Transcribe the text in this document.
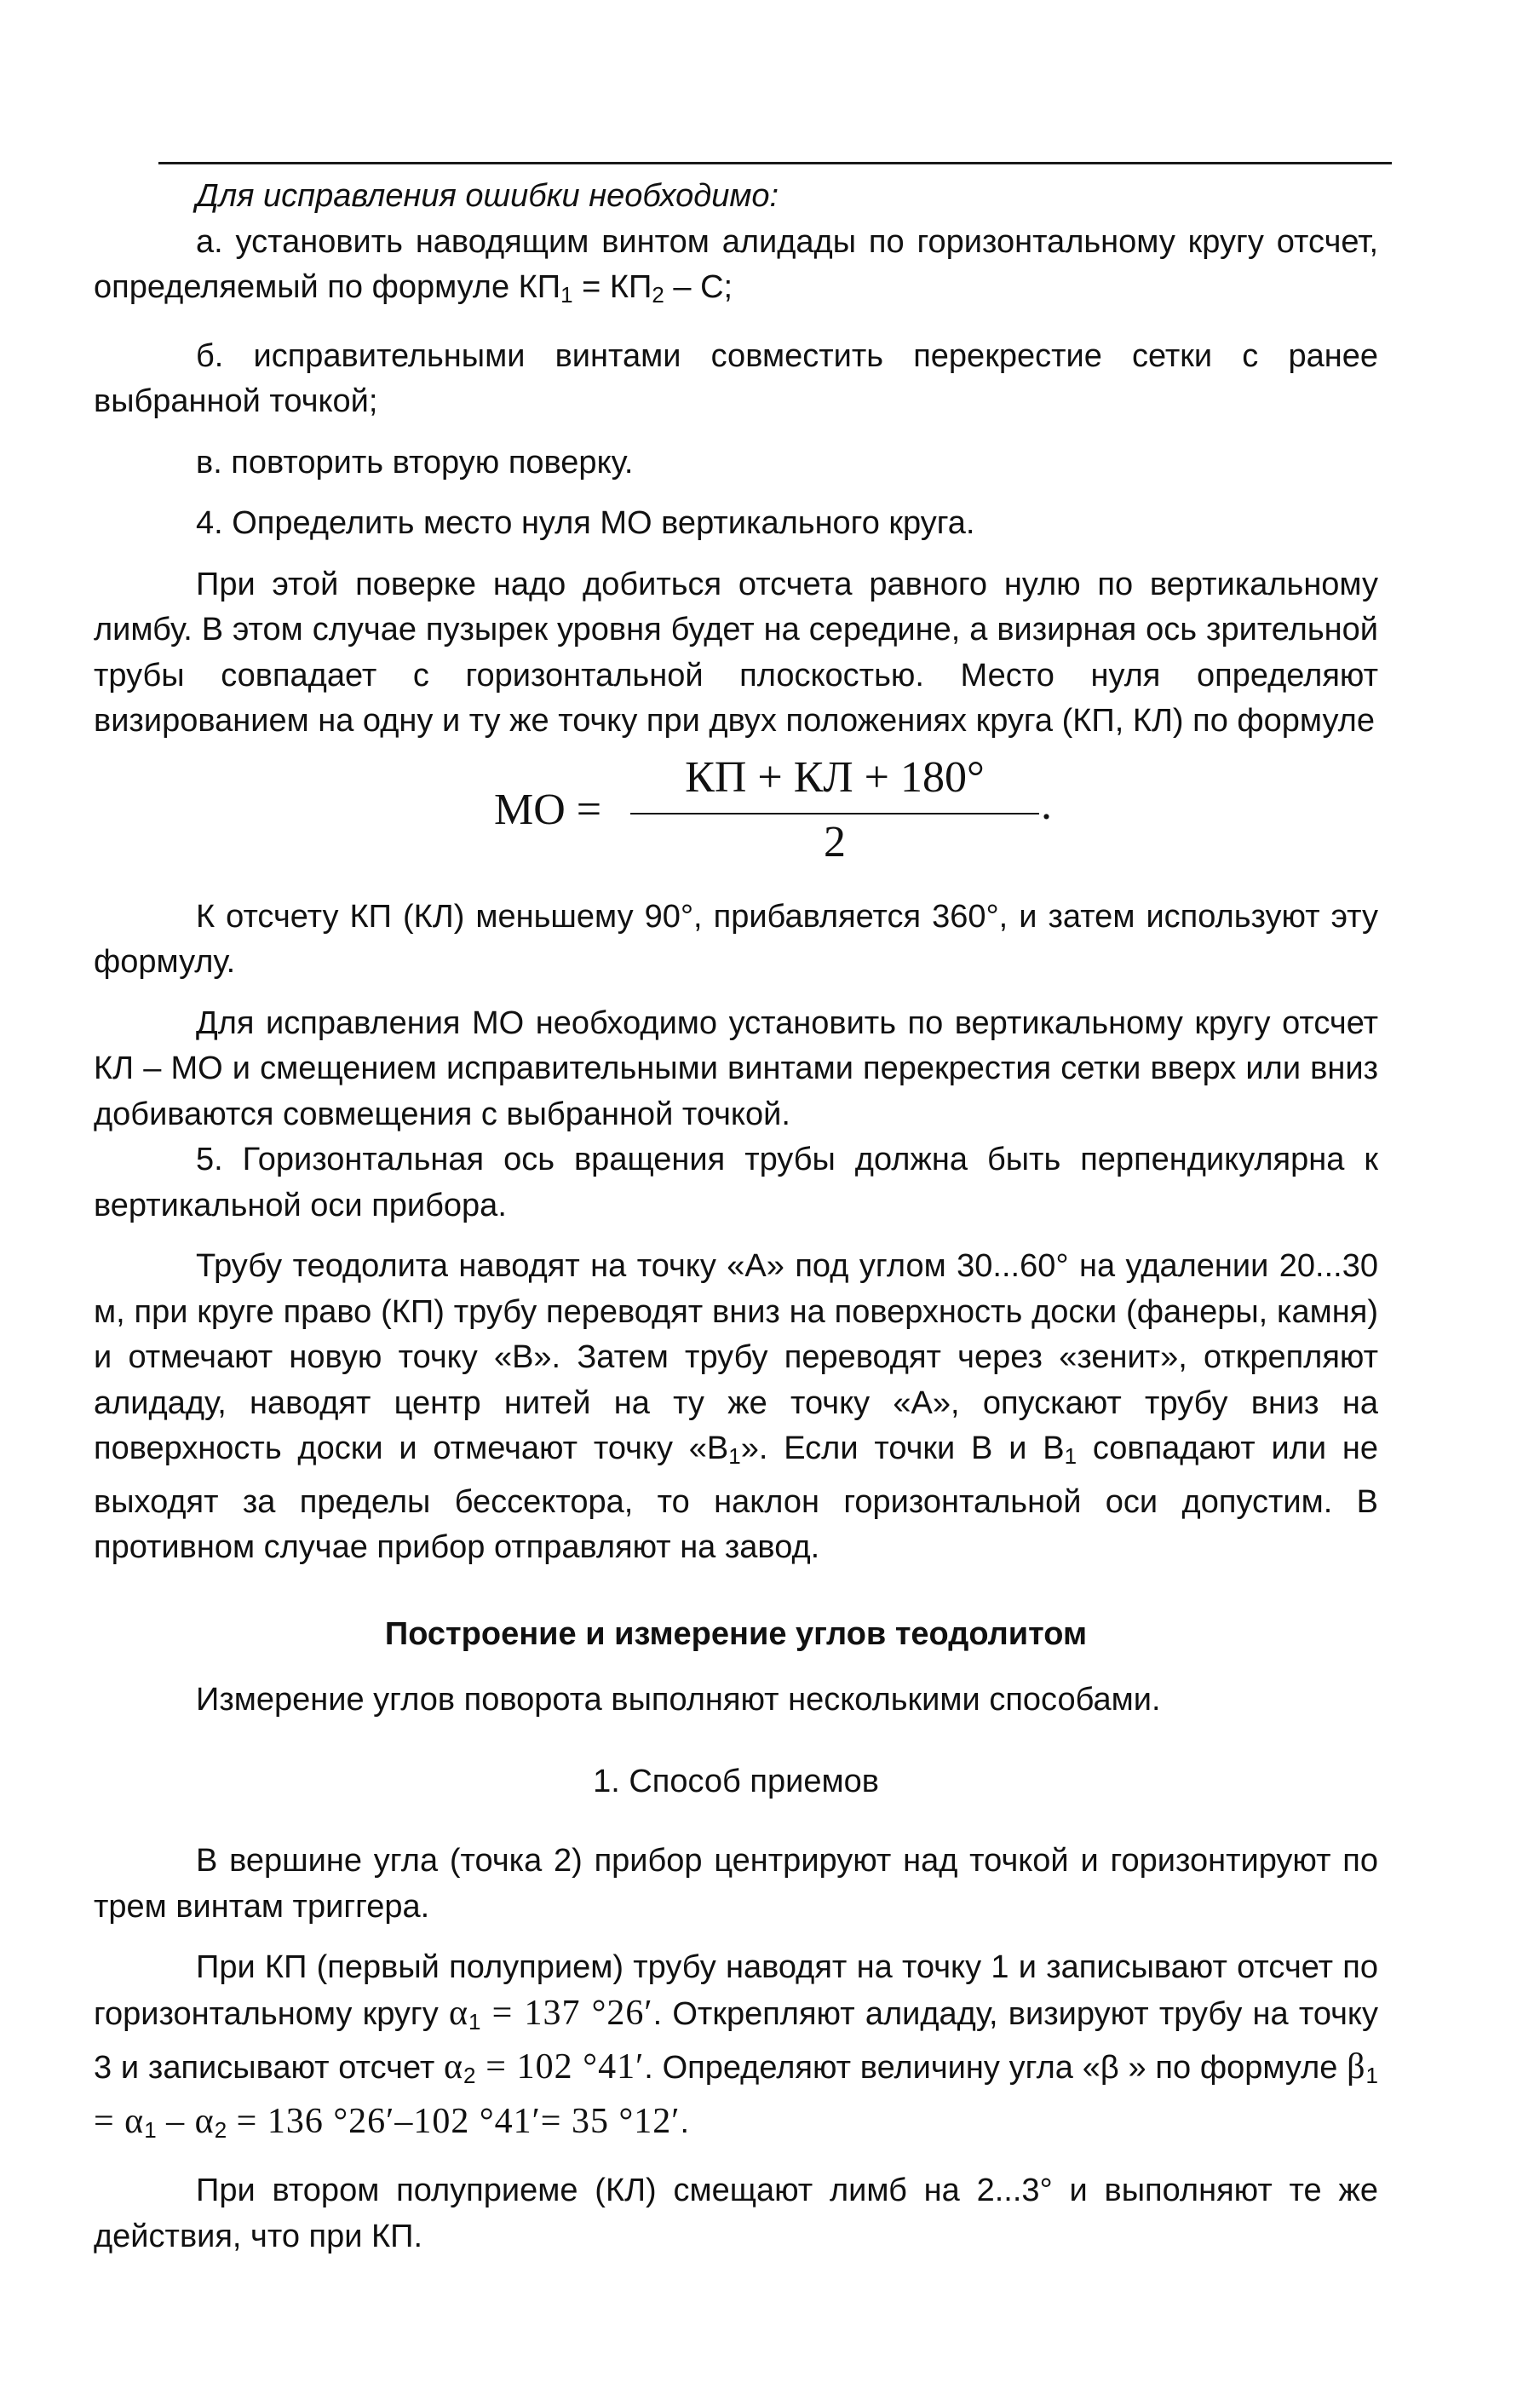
Для исправления ошибки необходимо:

а. установить наводящим винтом алидады по горизонтальному кругу отсчет, определяемый по формуле $КП_1 = КП_2 - С$;

б. исправительными винтами совместить перекрестие сетки с ранее выбранной точкой;

в. повторить вторую поверку.

4. Определить место нуля МО вертикального круга.

При этой поверке надо добиться отсчета равного нулю по вертикальному лимбу. В этом случае пузырек уровня будет на середине, а визирная ось зрительной трубы совпадает с горизонтальной плоскостью. Место нуля определяют визированием на одну и ту же точку при двух положениях круга (КП, КЛ) по формуле

МО =
КП + КЛ + 180°
2
.

К отсчету КП (КЛ) меньшему 90°, прибавляется 360°, и затем используют эту формулу.

Для исправления МО необходимо установить по вертикальному кругу отсчет КЛ – МО и смещением исправительными винтами перекрестия сетки вверх или вниз добиваются совмещения с выбранной точкой.

5. Горизонтальная ось вращения трубы должна быть перпендикулярна к вертикальной оси прибора.

Трубу теодолита наводят на точку «А» под углом 30...60° на удалении 20...30 м, при круге право (КП) трубу переводят вниз на поверхность доски (фанеры, камня) и отмечают новую точку «В». Затем трубу переводят через «зенит», открепляют алидаду, наводят центр нитей на ту же точку «А», опускают трубу вниз на поверхность доски и отмечают точку «$В_1$». Если точки В и $В_1$ совпадают или не выходят за пределы бессектора, то наклон горизонтальной оси допустим. В противном случае прибор отправляют на завод.

Построение и измерение углов теодолитом

Измерение углов поворота выполняют несколькими способами.

1. Способ приемов

В вершине угла (точка 2) прибор центрируют над точкой и горизонтируют по трем винтам триггера.

При КП (первый полуприем) трубу наводят на точку 1 и записывают отсчет по горизонтальному кругу $\alpha_1 = 137$ °26′. Открепляют алидаду, визируют трубу на точку 3 и записывают отсчет $\alpha_2 = 102$ °41′. Определяют величину угла «β » по формуле $\beta_1 = \alpha_1 - \alpha_2 = 136$ °26′–102 °41′= 35 °12′.

При втором полуприеме (КЛ) смещают лимб на 2...3° и выполняют те же действия, что при КП.
